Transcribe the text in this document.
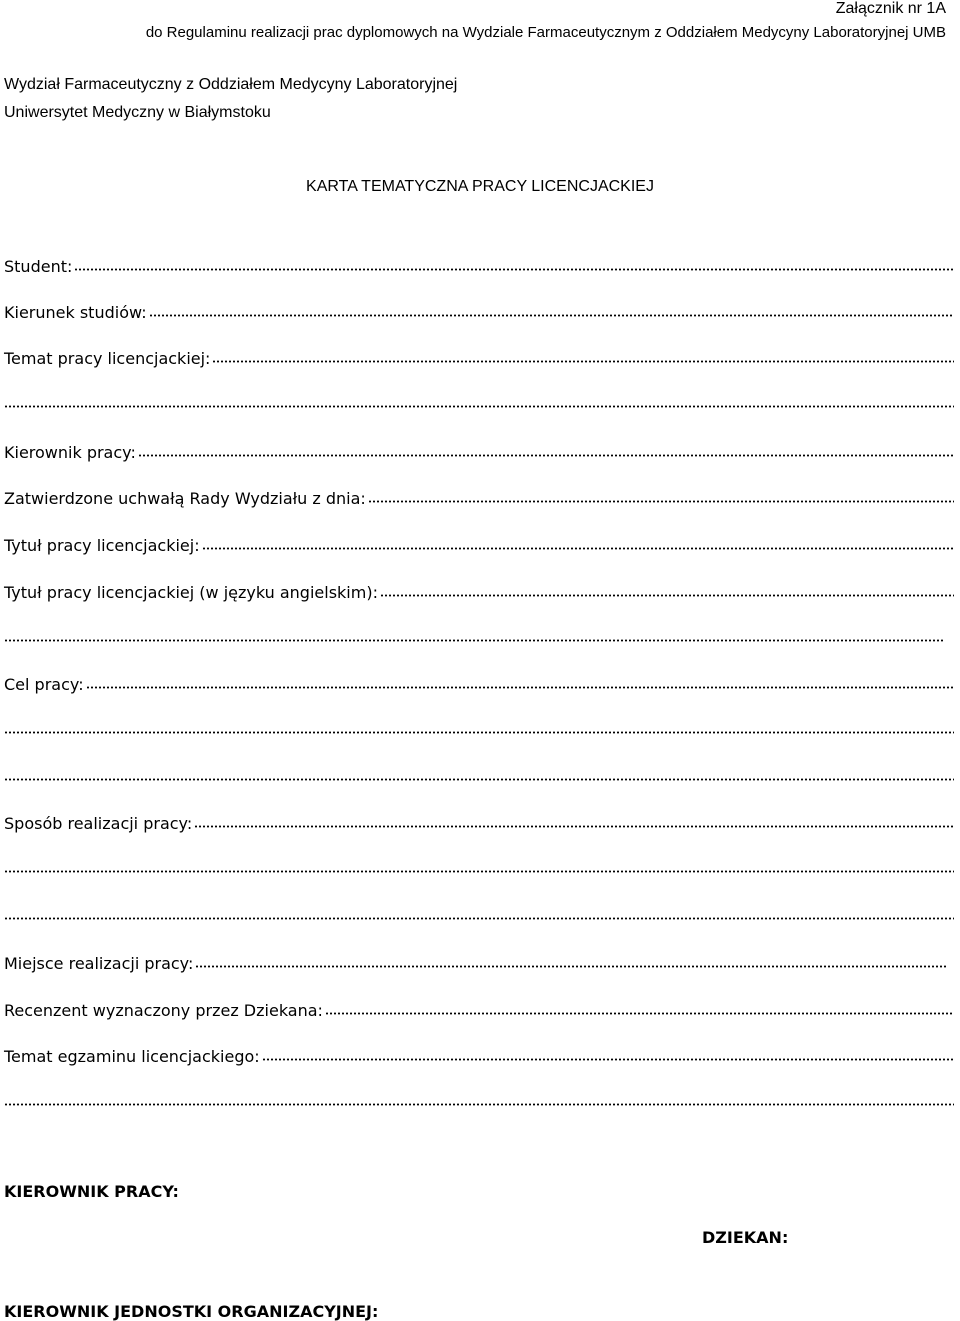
Załącznik nr 1A
do Regulaminu realizacji prac dyplomowych na Wydziale Farmaceutycznym z Oddziałem Medycyny Laboratoryjnej UMB
Wydział Farmaceutyczny z Oddziałem Medycyny Laboratoryjnej
Uniwersytet Medyczny w Białymstoku
KARTA TEMATYCZNA PRACY LICENCJACKIEJ
Student:
Kierunek studiów:
Temat pracy licencjackiej:
Kierownik pracy:
Zatwierdzone uchwałą Rady Wydziału z dnia:
Tytuł pracy licencjackiej:
Tytuł pracy licencjackiej (w języku angielskim):
Cel pracy:
Sposób realizacji pracy:
Miejsce realizacji pracy:
Recenzent wyznaczony przez Dziekana:
Temat egzaminu licencjackiego:
KIEROWNIK PRACY:
DZIEKAN:
KIEROWNIK JEDNOSTKI ORGANIZACYJNEJ:
